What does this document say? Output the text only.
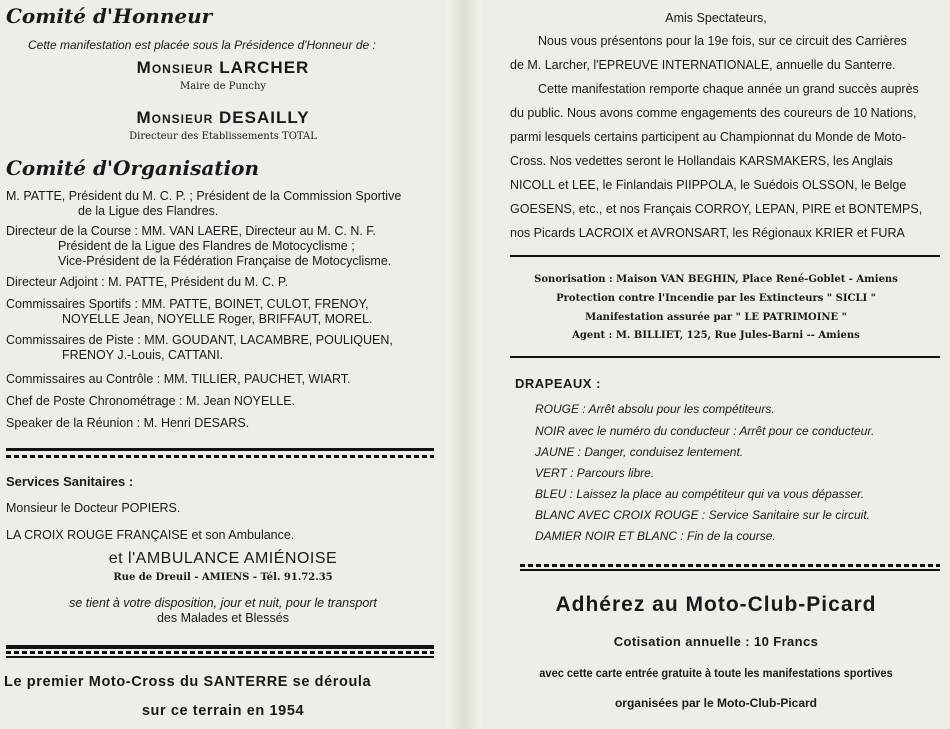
Comité d'Honneur
Cette manifestation est placée sous la Présidence d'Honneur de :
Monsieur LARCHER
Maire de Punchy
Monsieur DESAILLY
Directeur des Etablissements TOTAL
Comité d'Organisation
M. PATTE, Président du M. C. P. ; Président de la Commission Sportive
de la Ligue des Flandres.
Directeur de la Course : MM. VAN LAERE, Directeur au M. C. N. F.
Président de la Ligue des Flandres de Motocyclisme ;
Vice-Président de la Fédération Française de Motocyclisme.
Directeur Adjoint : M. PATTE, Président du M. C. P.
Commissaires Sportifs : MM. PATTE, BOINET, CULOT, FRENOY,
NOYELLE Jean, NOYELLE Roger, BRIFFAUT, MOREL.
Commissaires de Piste : MM. GOUDANT, LACAMBRE, POULIQUEN,
FRENOY J.-Louis, CATTANI.
Commissaires au Contrôle : MM. TILLIER, PAUCHET, WIART.
Chef de Poste Chronométrage : M. Jean NOYELLE.
Speaker de la Réunion : M. Henri DESARS.
Services Sanitaires :
Monsieur le Docteur POPIERS.
LA CROIX ROUGE FRANÇAISE et son Ambulance.
et l'AMBULANCE AMIÉNOISE
Rue de Dreuil - AMIENS - Tél. 91.72.35
se tient à votre disposition, jour et nuit, pour le transport
des Malades et Blessés
Le premier Moto-Cross du SANTERRE se déroula
sur ce terrain en 1954
Amis Spectateurs,
Nous vous présentons pour la 19e fois, sur ce circuit des Carrières
de M. Larcher, l'EPREUVE INTERNATIONALE, annuelle du Santerre.
Cette manifestation remporte chaque année un grand succès auprès
du public. Nous avons comme engagements des coureurs de 10 Nations,
parmi lesquels certains participent au Championnat du Monde de Moto-
Cross. Nos vedettes seront le Hollandais KARSMAKERS, les Anglais
NICOLL et LEE, le Finlandais PIIPPOLA, le Suédois OLSSON, le Belge
GOESENS, etc., et nos Français CORROY, LEPAN, PIRE et BONTEMPS,
nos Picards LACROIX et AVRONSART, les Régionaux KRIER et FURA
Sonorisation : Maison VAN BEGHIN, Place René-Goblet - Amiens
Protection contre l'Incendie par les Extincteurs " SICLI "
Manifestation assurée par " LE PATRIMOINE "
Agent : M. BILLIET, 125, Rue Jules-Barni -- Amiens
DRAPEAUX :
ROUGE : Arrêt absolu pour les compétiteurs.
NOIR avec le numéro du conducteur : Arrêt pour ce conducteur.
JAUNE : Danger, conduisez lentement.
VERT : Parcours libre.
BLEU : Laissez la place au compétiteur qui va vous dépasser.
BLANC AVEC CROIX ROUGE : Service Sanitaire sur le circuit.
DAMIER NOIR ET BLANC : Fin de la course.
Adhérez au Moto-Club-Picard
Cotisation annuelle : 10 Francs
avec cette carte entrée gratuite à toute les manifestations sportives
organisées par le Moto-Club-Picard
